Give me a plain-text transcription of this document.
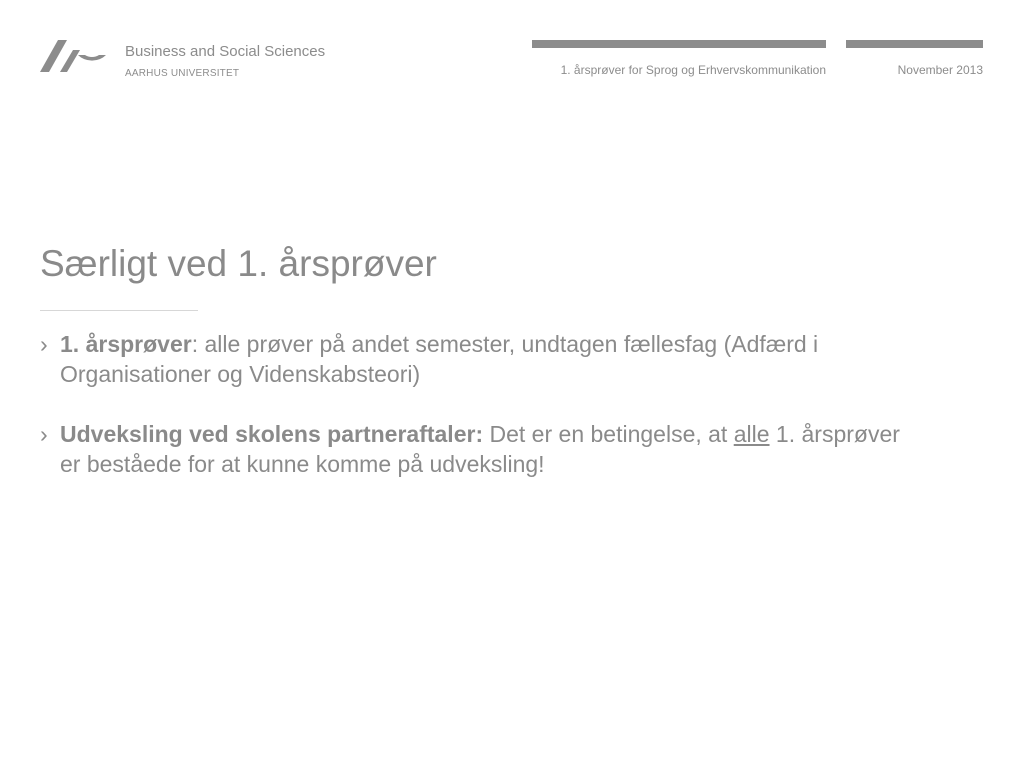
Business and Social Sciences
AARHUS UNIVERSITET	1. årsprøver for Sprog og Erhvervskommunikation	November 2013
Særligt ved 1. årsprøver
› 1. årsprøver: alle prøver på andet semester, undtagen fællesfag (Adfærd i Organisationer og Videnskabsteori)
› Udveksling ved skolens partneraftaler: Det er en betingelse, at alle 1. årsprøver er beståede for at kunne komme på udveksling!
